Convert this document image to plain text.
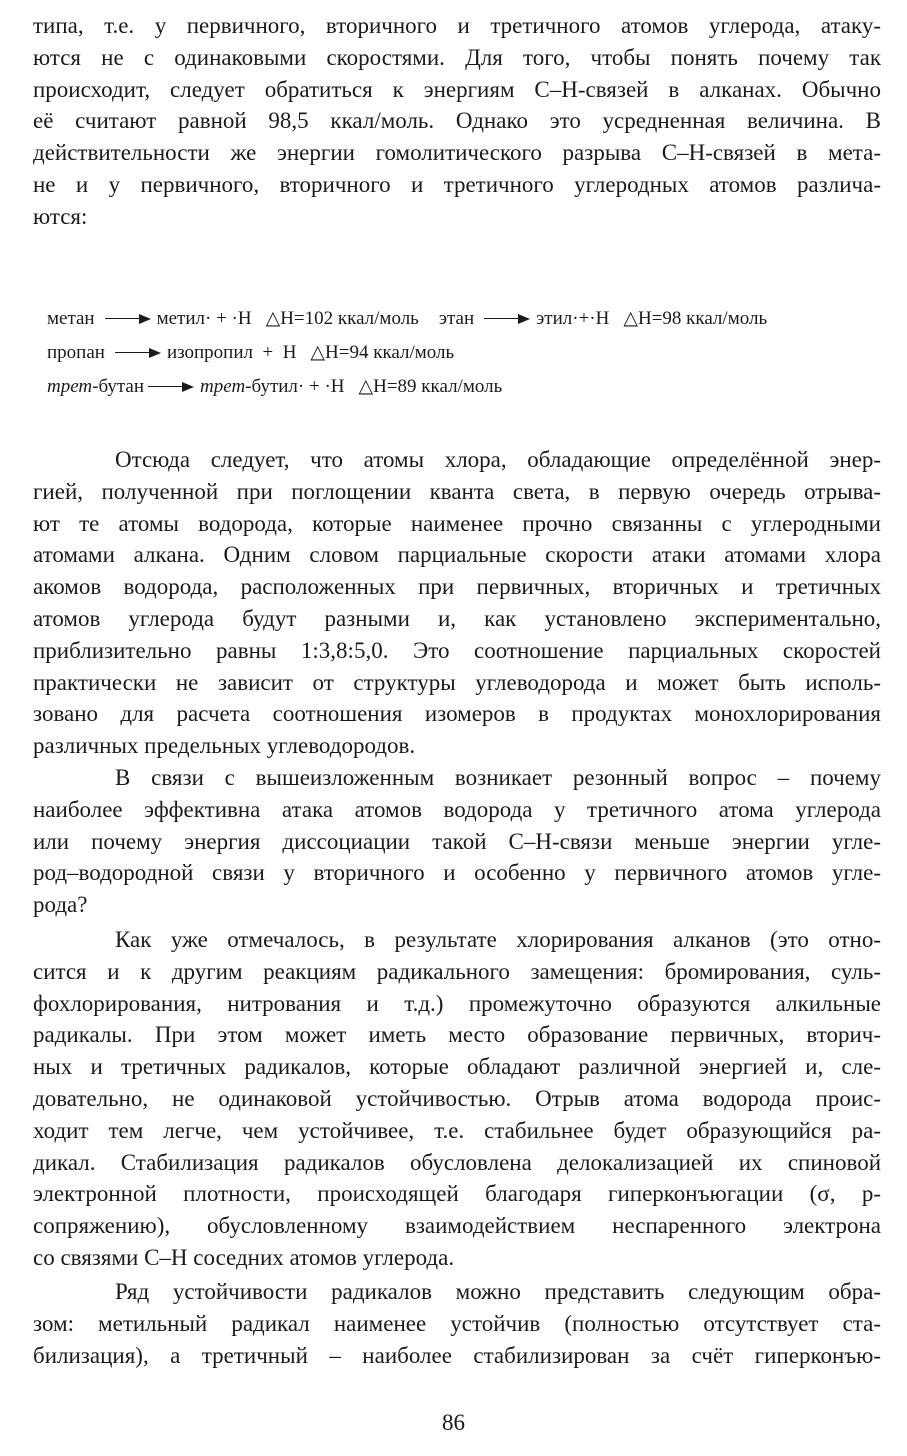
типа, т.е. у первичного, вторичного и третичного атомов углерода, атаку-
ются не с одинаковыми скоростями. Для того, чтобы понять почему так
происходит, следует обратиться к энергиям С–Н-связей в алканах. Обычно
её считают равной 98,5 ккал/моль. Однако это усредненная величина. В
действительности же энергии гомолитического разрыва С–Н-связей в мета-
не и у первичного, вторичного и третичного углеродных атомов различа-
ются:
метан	метил· + ·Н △Н=102 ккал/моль этан	этил·+·Н △Н=98 ккал/моль
пропан	изопропил  +  Н △Н=94 ккал/моль
трет-бутан	трет-бутил· + ·Н △Н=89 ккал/моль
Отсюда следует, что атомы хлора, обладающие определённой энер-
гией, полученной при поглощении кванта света, в первую очередь отрыва-
ют те атомы водорода, которые наименее прочно связанны с углеродными
атомами алкана. Одним словом парциальные скорости атаки атомами хлора
акомов водорода, расположенных при первичных, вторичных и третичных
атомов углерода будут разными и, как установлено экспериментально,
приблизительно равны 1:3,8:5,0. Это соотношение парциальных скоростей
практически не зависит от структуры углеводорода и может быть исполь-
зовано для расчета соотношения изомеров в продуктах монохлорирования
различных предельных углеводородов.
В связи с вышеизложенным возникает резонный вопрос – почему
наиболее эффективна атака атомов водорода у третичного атома углерода
или почему энергия диссоциации такой С–Н-связи меньше энергии угле-
род–водородной связи у вторичного и особенно у первичного атомов угле-
рода?
Как уже отмечалось, в результате хлорирования алканов (это отно-
сится и к другим реакциям радикального замещения: бромирования, суль-
фохлорирования, нитрования и т.д.) промежуточно образуются алкильные
радикалы. При этом может иметь место образование первичных, вторич-
ных и третичных радикалов, которые обладают различной энергией и, сле-
довательно, не одинаковой устойчивостью. Отрыв атома водорода проис-
ходит тем легче, чем устойчивее, т.е. стабильнее будет образующийся ра-
дикал. Стабилизация радикалов обусловлена делокализацией их спиновой
электронной плотности, происходящей благодаря гиперконъюгации (σ, р-
сопряжению), обусловленному взаимодействием неспаренного электрона
со связями С–Н соседних атомов углерода.
Ряд устойчивости радикалов можно представить следующим обра-
зом: метильный радикал наименее устойчив (полностью отсутствует ста-
билизация), а третичный – наиболее стабилизирован за счёт гиперконъю-
86
